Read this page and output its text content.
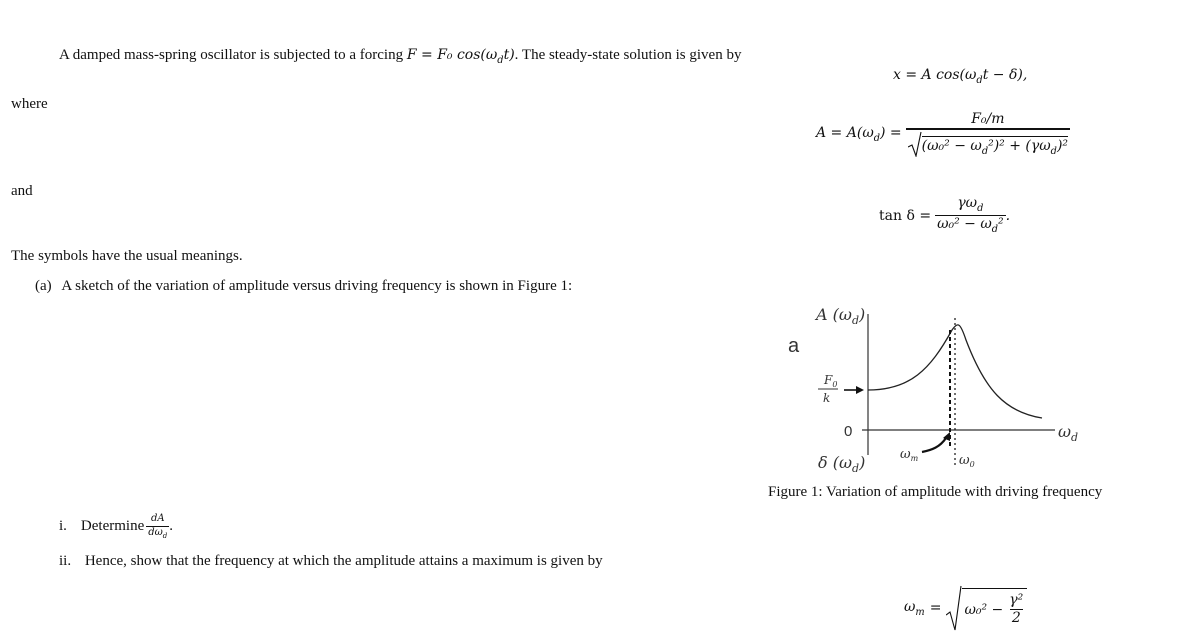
A damped mass-spring oscillator is subjected to a forcing F = F₀ $\cos(\omega_dt)$. The steady-state solution is given by
x = A $\cos(\omega_dt - \delta)$,
where
$A = A(\omega_d) = \frac{\text{F₀/m}}{(\omega_0^2 - \omega_d^2)^2 + (\gamma\omega_d)^2}$
and
$\tan \delta = \frac{\gamma\omega_d}{\omega_0^2 - \omega_d^2}$ .
The symbols have the usual meanings.
(a) A sketch of the variation of amplitude versus driving frequency is shown in Figure 1:
a
A $(\omega_d)$
$F_0$
k
0	$\omega_d$
$\omega_m$	$\omega_0$
δ $(\omega_d)$
Figure 1: Variation of amplitude with driving frequency
i. Determine $\frac{dA}{d\omega_d}$ .
ii. Hence, show that the frequency at which the amplitude attains a maximum is given by
$\omega_m = \omega_0^2 - \frac{\text{γ²}}{2}$
